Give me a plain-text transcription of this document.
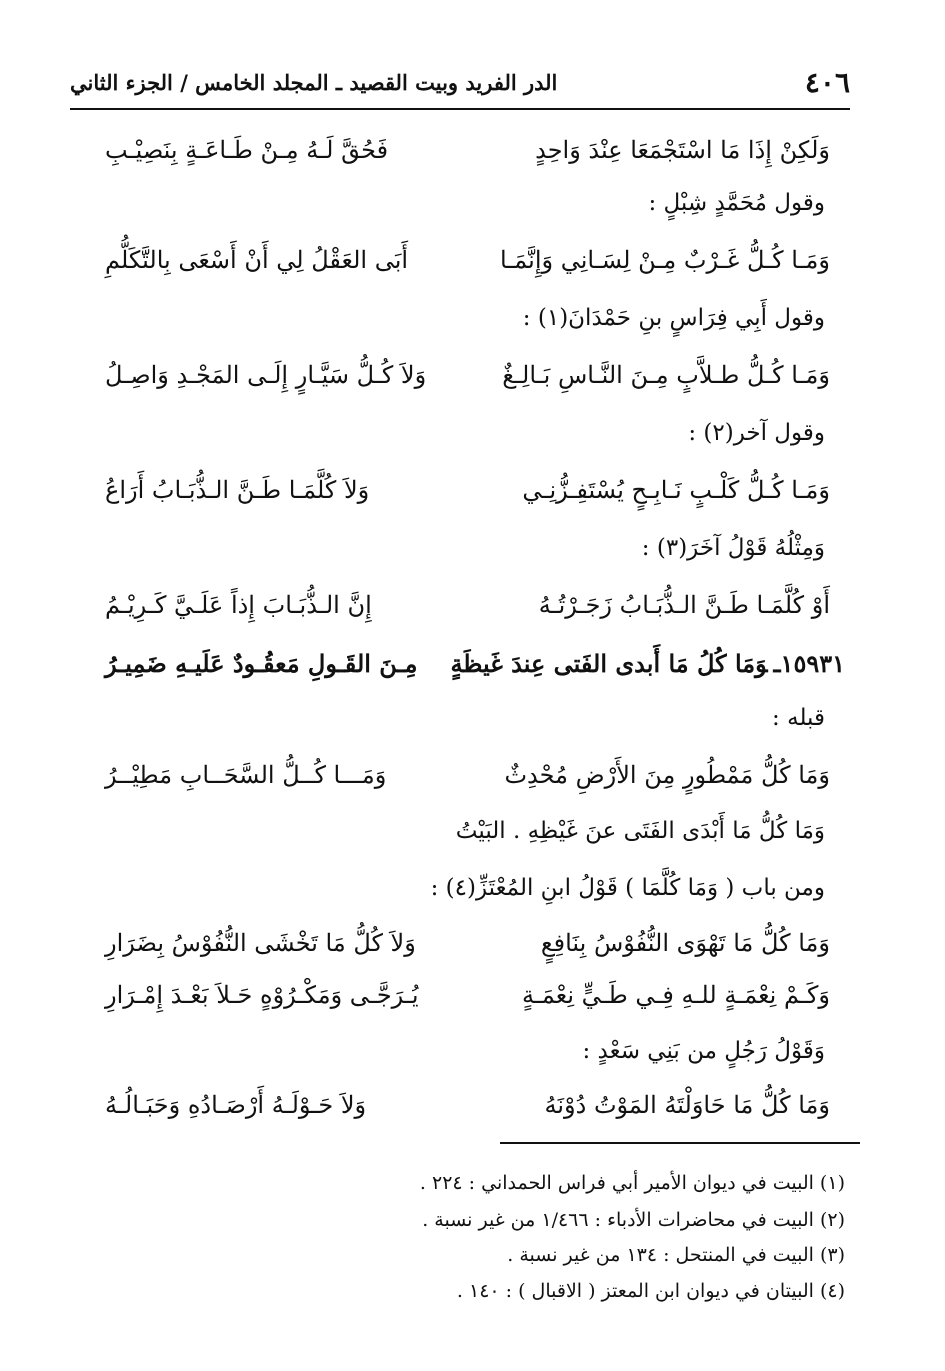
٤٠٦
الدر الفريد وبيت القصيد ـ المجلد الخامس / الجزء الثاني
وَلَكِنْ إِذَا مَا اسْتَجْمَعَا عِنْدَ وَاحِدٍ
فَحُقَّ لَـهُ مِـنْ طَـاعَـةٍ بِنَصِيْـبِ
وقول مُحَمَّدٍ شِبْلٍ :
وَمَـا كُـلُّ غَـرْبٌ مِـنْ لِسَـانِي وَإِنَّمَـا
أَبَى العَقْلُ لِي أَنْ أَسْعَى بِالتَّكَلُّمِ
وقول أَبِي فِرَاسٍ بنِ حَمْدَانَ(١) :
وَمَـا كُـلُّ طـلاَّبٍ مِـنَ النَّـاسِ بَـالِـغٌ
وَلاَ كُـلُّ سَيَّـارٍ إِلَـى المَجْـدِ وَاصِـلُ
وقول آخر(٢) :
وَمَـا كُـلُّ كَلْـبٍ نَـابِـحٍ يُسْتَفِـزُّنِـي
وَلاَ كُلَّمَـا طَـنَّ الـذُّبَـابُ أَرَاعُ
وَمِثْلُهُ قَوْلُ آخَرَ(٣) :
أَوْ كُلَّمَـا طَـنَّ الـذُّبَـابُ زَجَـرْتُـهُ
إِنَّ الـذُّبَـابَ إِذاً عَلَـيَّ كَـرِيْـمُ
١٥٩٣١ـوَمَا كُلُ مَا أَبدى الفَتى عِندَ غَيظَةٍ
مِـنَ القَـولِ مَعقُـودٌ عَلَيـهِ ضَمِيـرُ
قبله :
وَمَا كُلُّ مَمْطُورٍ مِنَ الأَرْضِ مُحْدِثٌ
وَمَـــا كُــلُّ السَّحَــابِ مَطِيْــرُ
وَمَا كُلُّ مَا أَبْدَى الفَتَى عنَ غَيْظِهِ . البَيْتُ
ومن باب ( وَمَا كُلَّمَا ) قَوْلُ ابنِ المُعْتَزِّ(٤) :
وَمَا كُلُّ مَا تَهْوَى النُّفُوْسُ بِنَافِعٍ
وَلاَ كُلُّ مَا تَخْشَى النُّفُوْسُ بِضَرَارِ
وَكَـمْ نِعْمَـةٍ للـهِ فِـي طَـيٍّ نِعْمَـةٍ
يُـرَجَّـى وَمَكْـرُوْهٍ حَـلاَ بَعْـدَ إِمْـرَارِ
وَقَوْلُ رَجُلٍ من بَنِي سَعْدٍ :
وَمَا كُلُّ مَا حَاوَلْتَهُ المَوْتُ دُوْنَهُ
وَلاَ حَـوْلَـهُ أَرْصَـادُهِ وَحَبَـالُـهُ
(١) البيت في ديوان الأمير أبي فراس الحمداني : ٢٢٤ .
(٢) البيت في محاضرات الأدباء : ١/٤٦٦ من غير نسبة .
(٣) البيت في المنتحل : ١٣٤ من غير نسبة .
(٤) البيتان في ديوان ابن المعتز ( الاقبال ) : ١٤٠ .
